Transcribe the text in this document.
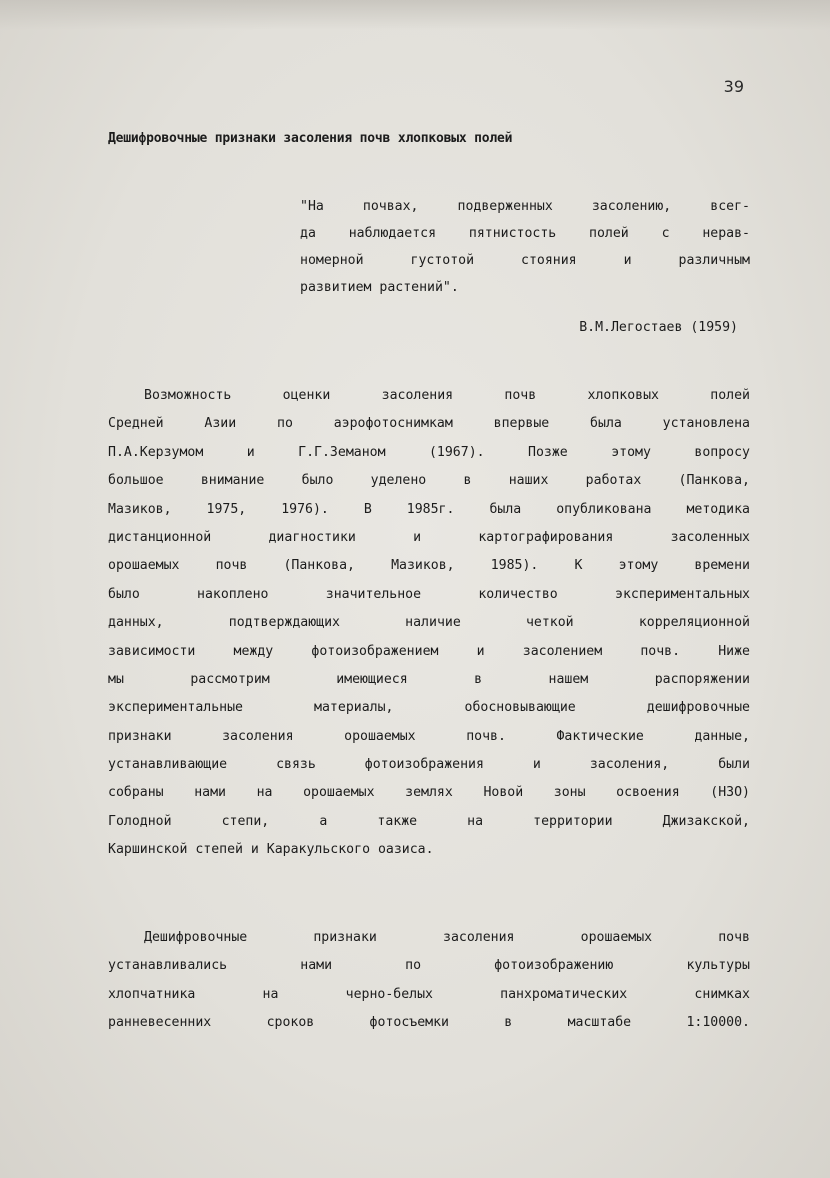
39
Дешифровочные признаки засоления почв хлопковых полей
"На почвах, подверженных засолению, всег-
да наблюдается пятнистость полей с нерав-
номерной густотой стояния и различным
развитием растений".
В.М.Легостаев (1959)
Возможность оценки засоления почв хлопковых полей
Средней Азии по аэрофотоснимкам впервые была установлена
П.А.Керзумом и Г.Г.Земаном (1967). Позже этому вопросу
большое внимание было уделено в наших работах (Панкова,
Мазиков, 1975, 1976). В 1985г. была опубликована методика
дистанционной диагностики и картографирования засоленных
орошаемых почв (Панкова, Мазиков, 1985). К этому времени
было накоплено значительное количество экспериментальных
данных, подтверждающих наличие четкой корреляционной
зависимости между фотоизображением и засолением почв. Ниже
мы рассмотрим имеющиеся в нашем распоряжении
экспериментальные материалы, обосновывающие дешифровочные
признаки засоления орошаемых почв. Фактические данные,
устанавливающие связь фотоизображения и засоления, были
собраны нами на орошаемых землях Новой зоны освоения (НЗО)
Голодной степи, а также на территории Джизакской,
Каршинской степей и Каракульского оазиса.
Дешифровочные признаки засоления орошаемых почв
устанавливались нами по фотоизображению культуры
хлопчатника на черно-белых панхроматических снимках
ранневесенних сроков фотосъемки в масштабе 1:10000.
